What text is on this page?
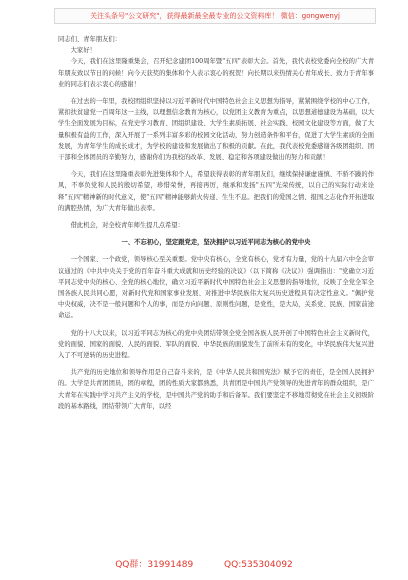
关注头条号"公文研究"，获得最新最全最专业的公文资料库！ 微信：gongwenyj

同志们、青年朋友们：

大家好！

今天，我们在这里隆重集会，召开纪念建团100周年暨"五四"表彰大会。首先，我代表校党委向全校的广大青年朋友致以节日的问候！向今天获奖的集体和个人表示衷心的祝贺！向长期以来热情关心青年成长、致力于青年事业的同志们表示衷心的感谢！

在过去的一年里，我校团组织坚持以习近平新时代中国特色社会主义思想为指导，紧紧围绕学校的中心工作，紧扣扶贫建党一百周年这一主线，以理想信念教育为核心，以党团主义教育为重点，以思想道德建设为基础，以大学生全面发展为目标，在党史学习教育、团组织建设、大学生素质拓展、社会实践、校园文化建设等方面，做了大量积极有益的工作，深入开展了一系列丰富多彩的校园文化活动，努力创造条件和平台，促进了大学生素质的全面发展，为青年学生的成长成才，为学校的建设和发展做出了积极的贡献。在此，我代表校党委感谢各级团组织、团干部和全体团员的辛勤努力，感谢你们为我校的改革、发展、稳定和各项建设做出的努力和贡献！

今天，我们在这里隆重表彰先进集体和个人，希望获得表彰的青年朋友们，继续保持谦虚谨慎、不骄不躁的作风，不辜负党和人民的殷切希望，珍惜荣誉，再接再厉，继承和发扬"五四"光荣传统，以自己的实际行动来诠释"五四"精神新的时代意义，使"五四"精神能够薪火传递、生生不息。把我们的爱国之情、报国之志化作开拓进取的满腔热情，为广大青年做出表率。

借此机会，对全校青年师生提几点希望：

一、不忘初心，坚定跟党走，坚决拥护以习近平同志为核心的党中央

一个国家、一个政党，领导核心至关重要。党中央有核心，全党有核心，党才有力量，党的十九届六中全会审议通过的《中共中央关于党的百年奋斗重大成就和历史经验的决议》（以下简称《决议》）强调指出："党确立习近平同志党中央的核心、全党的核心地位，确立习近平新时代中国特色社会主义思想的指导地位，反映了全党全军全国各族人民共同心愿，对新时代党和国家事业发展、对推进中华民族伟大复兴历史进程具有决定性意义。"佩护党中央权威，决不是一般问题和个人的事，而是方向问题、原则性问题，是党性，是大局，关系党、民族、国家前途命运。

党的十八大以来，以习近平同志为核心的党中央团结带领全党全国各族人民开创了中国特色社会主义新时代，党的面貌、国家的面貌、人民的面貌、军队的面貌、中华民族的面貌发生了前所未有的变化，中华民族伟大复兴进入了不可逆转的历史进程。

共产党的历史地位和领导作用是自己奋斗来的，是《中华人民共和国宪法》赋予它的责任，是全国人民拥护的。大学是共青团团员，团的章程，团的性质大家都熟悉，共青团是中国共产党领导的先进青年的群众组织，是广大青年在实践中学习共产主义的学校，是中国共产党的助手和后备军。我们要坚定不移地贯彻党在社会主义初级阶段的基本路线，团结带领广大青年，以经

QQ群：31991489	QQ:535304092
